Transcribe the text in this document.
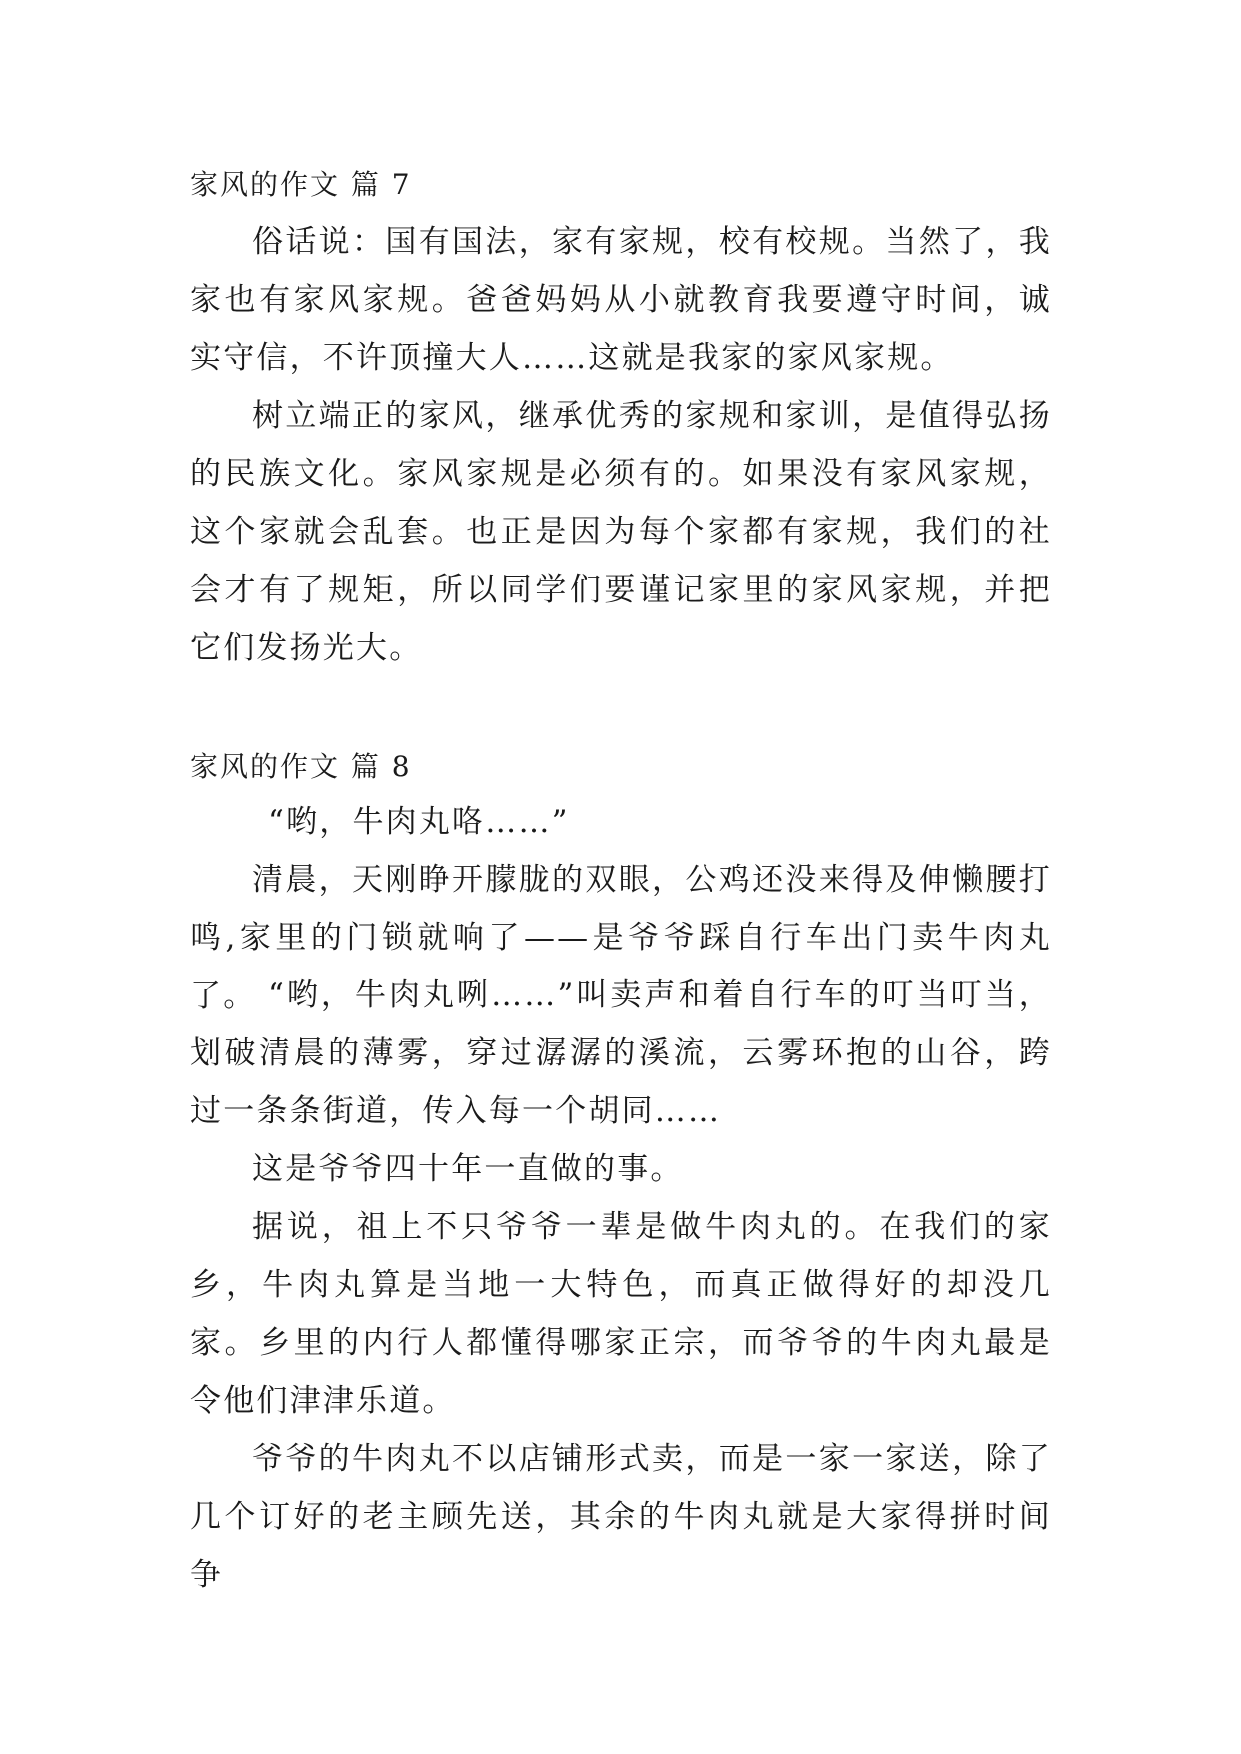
家风的作文 篇 7

俗话说：国有国法，家有家规，校有校规。当然了，我家也有家风家规。爸爸妈妈从小就教育我要遵守时间，诚实守信，不许顶撞大人……这就是我家的家风家规。

树立端正的家风，继承优秀的家规和家训，是值得弘扬的民族文化。家风家规是必须有的。如果没有家风家规，这个家就会乱套。也正是因为每个家都有家规，我们的社会才有了规矩，所以同学们要谨记家里的家风家规，并把它们发扬光大。

家风的作文 篇 8

“哟，牛肉丸咯……”

清晨，天刚睁开朦胧的双眼，公鸡还没来得及伸懒腰打鸣,家里的门锁就响了——是爷爷踩自行车出门卖牛肉丸了。 “哟，牛肉丸咧……”叫卖声和着自行车的叮当叮当，划破清晨的薄雾，穿过潺潺的溪流，云雾环抱的山谷，跨过一条条街道，传入每一个胡同……

这是爷爷四十年一直做的事。

据说，祖上不只爷爷一辈是做牛肉丸的。在我们的家乡，牛肉丸算是当地一大特色，而真正做得好的却没几家。乡里的内行人都懂得哪家正宗，而爷爷的牛肉丸最是令他们津津乐道。

爷爷的牛肉丸不以店铺形式卖，而是一家一家送，除了几个订好的老主顾先送，其余的牛肉丸就是大家得拼时间争
